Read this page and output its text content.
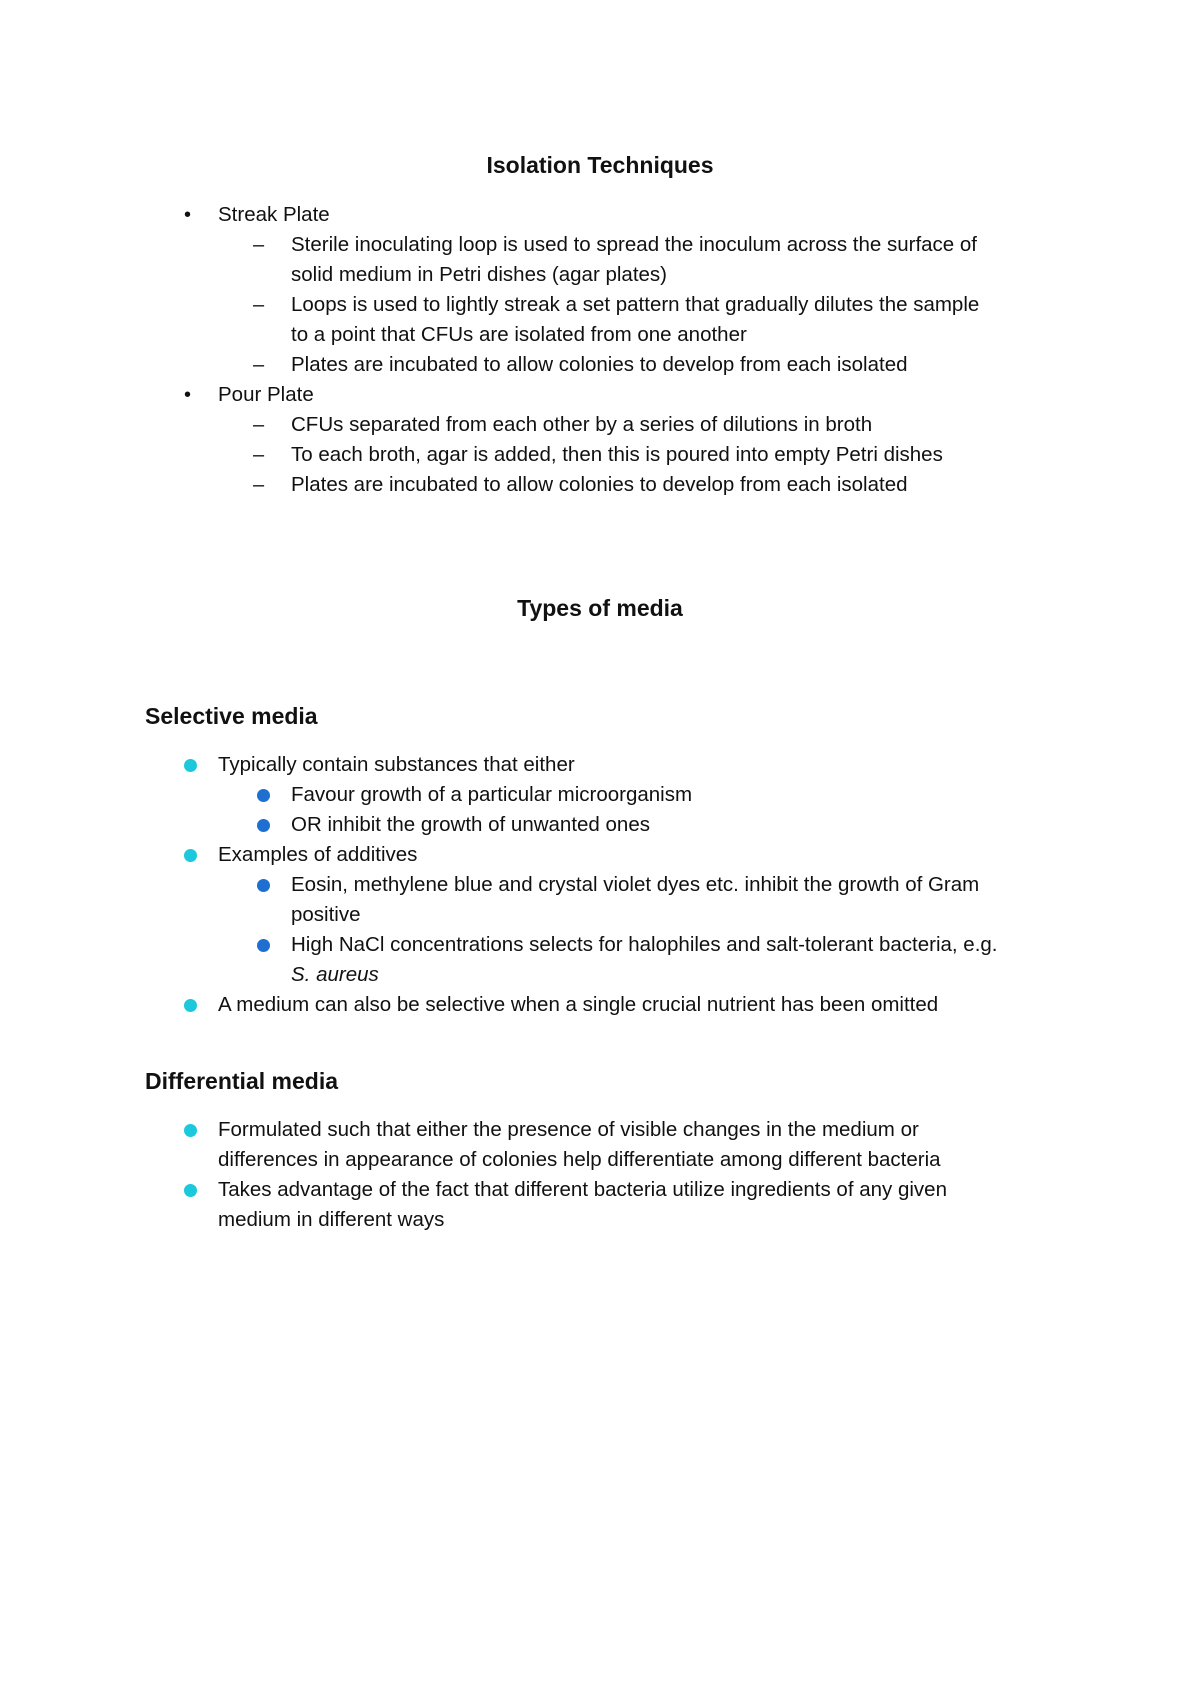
Isolation Techniques
• Streak Plate
– Sterile inoculating loop is used to spread the inoculum across the surface of
solid medium in Petri dishes (agar plates)
– Loops is used to lightly streak a set pattern that gradually dilutes the sample
to a point that CFUs are isolated from one another
– Plates are incubated to allow colonies to develop from each isolated
• Pour Plate
– CFUs separated from each other by a series of dilutions in broth
– To each broth, agar is added, then this is poured into empty Petri dishes
– Plates are incubated to allow colonies to develop from each isolated
Types of media
Selective media
Typically contain substances that either
Favour growth of a particular microorganism
OR inhibit the growth of unwanted ones
Examples of additives
Eosin, methylene blue and crystal violet dyes etc. inhibit the growth of Gram
positive
High NaCl concentrations selects for halophiles and salt-tolerant bacteria, e.g.
S. aureus
A medium can also be selective when a single crucial nutrient has been omitted
Differential media
Formulated such that either the presence of visible changes in the medium or
differences in appearance of colonies help differentiate among different bacteria
Takes advantage of the fact that different bacteria utilize ingredients of any given
medium in different ways
